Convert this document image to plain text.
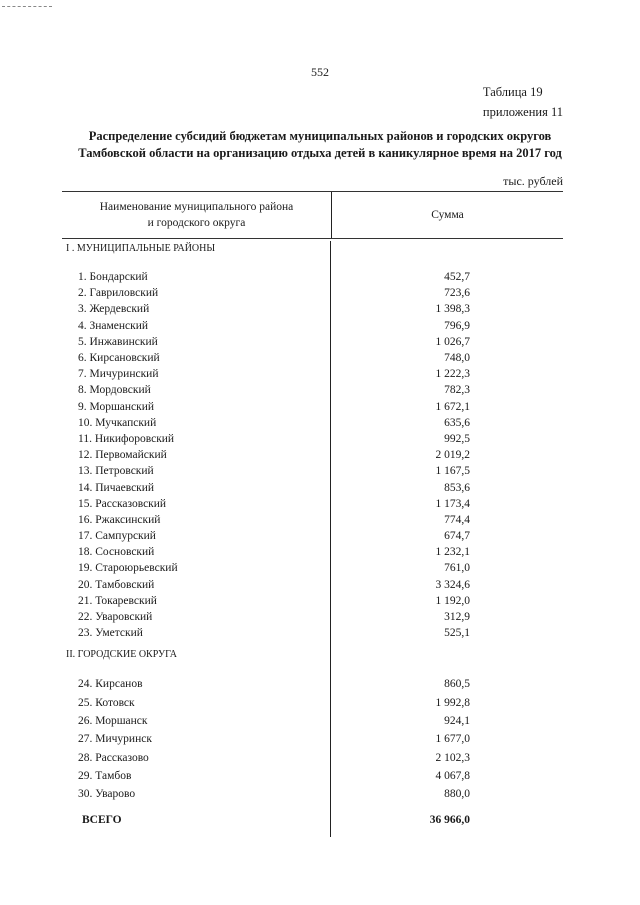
552
Таблица 19
приложения 11
Распределение субсидий бюджетам муниципальных районов и городских округов
Тамбовской области на организацию отдыха детей в каникулярное время на 2017 год
тыс. рублей
Наименование муниципального района
и городского округа
Сумма
I . МУНИЦИПАЛЬНЫЕ РАЙОНЫ
1. Бондарский	452,7
2. Гавриловский	723,6
3. Жердевский	1 398,3
4. Знаменский	796,9
5. Инжавинский	1 026,7
6. Кирсановский	748,0
7. Мичуринский	1 222,3
8. Мордовский	782,3
9. Моршанский	1 672,1
10. Мучкапский	635,6
11. Никифоровский	992,5
12. Первомайский	2 019,2
13. Петровский	1 167,5
14. Пичаевский	853,6
15. Рассказовский	1 173,4
16. Ржаксинский	774,4
17. Сампурский	674,7
18. Сосновский	1 232,1
19. Староюрьевский	761,0
20. Тамбовский	3 324,6
21. Токаревский	1 192,0
22. Уваровский	312,9
23. Уметский	525,1
II. ГОРОДСКИЕ ОКРУГА
24. Кирсанов	860,5
25. Котовск	1 992,8
26. Моршанск	924,1
27. Мичуринск	1 677,0
28. Рассказово	2 102,3
29. Тамбов	4 067,8
30. Уварово	880,0
ВСЕГО	36 966,0
